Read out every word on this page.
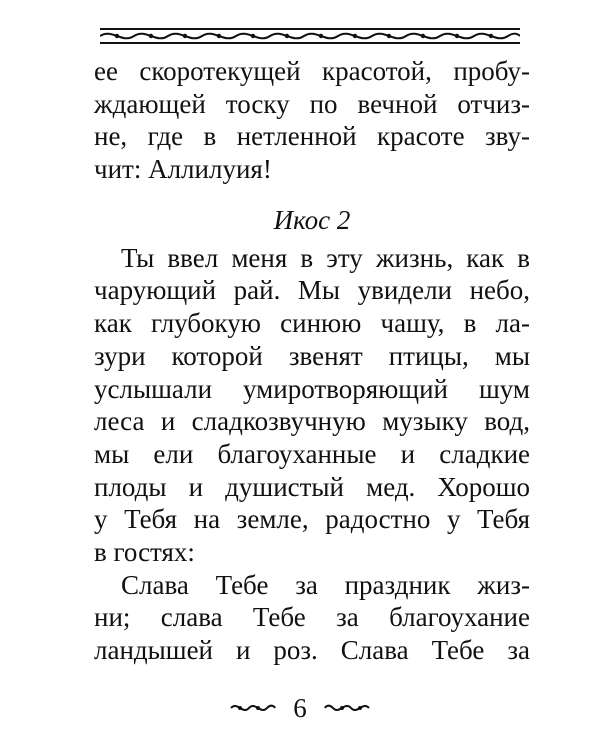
ее скоротекущей красотой, пробу-
ждающей тоску по вечной отчиз-
не, где в нетленной красоте зву-
чит: Аллилуия!
Икос 2
Ты ввел меня в эту жизнь, как в
чарующий рай. Мы увидели небо,
как глубокую синюю чашу, в ла-
зури которой звенят птицы, мы
услышали умиротворяющий шум
леса и сладкозвучную музыку вод,
мы ели благоуханные и сладкие
плоды и душистый мед. Хорошо
у Тебя на земле, радостно у Тебя
в гостях:
Слава Тебе за праздник жиз-
ни; слава Тебе за благоухание
ландышей и роз. Слава Тебе за
6
